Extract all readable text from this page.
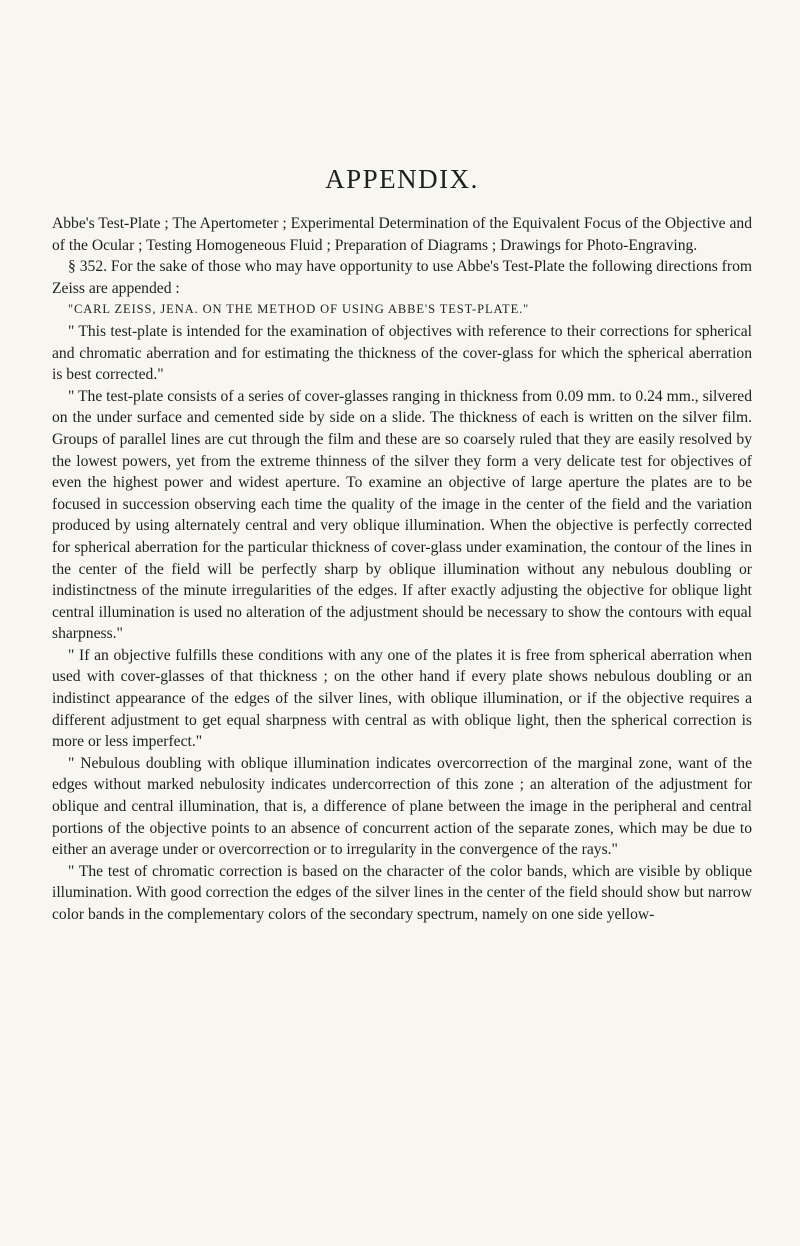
APPENDIX.

Abbe's Test-Plate ; The Apertometer ; Experimental Determination of the Equivalent Focus of the Objective and of the Ocular ; Testing Homogeneous Fluid ; Preparation of Diagrams ; Drawings for Photo-Engraving.

§ 352. For the sake of those who may have opportunity to use Abbe's Test-Plate the following directions from Zeiss are appended :

"CARL ZEISS, JENA. ON THE METHOD OF USING ABBE'S TEST-PLATE."

" This test-plate is intended for the examination of objectives with reference to their corrections for spherical and chromatic aberration and for estimating the thickness of the cover-glass for which the spherical aberration is best corrected."

" The test-plate consists of a series of cover-glasses ranging in thickness from 0.09 mm. to 0.24 mm., silvered on the under surface and cemented side by side on a slide. The thickness of each is written on the silver film. Groups of parallel lines are cut through the film and these are so coarsely ruled that they are easily resolved by the lowest powers, yet from the extreme thinness of the silver they form a very delicate test for objectives of even the highest power and widest aperture. To examine an objective of large aperture the plates are to be focused in succession observing each time the quality of the image in the center of the field and the variation produced by using alternately central and very oblique illumination. When the objective is perfectly corrected for spherical aberration for the particular thickness of cover-glass under examination, the contour of the lines in the center of the field will be perfectly sharp by oblique illumination without any nebulous doubling or indistinctness of the minute irregularities of the edges. If after exactly adjusting the objective for oblique light central illumination is used no alteration of the adjustment should be necessary to show the contours with equal sharpness."

" If an objective fulfills these conditions with any one of the plates it is free from spherical aberration when used with cover-glasses of that thickness ; on the other hand if every plate shows nebulous doubling or an indistinct appearance of the edges of the silver lines, with oblique illumination, or if the objective requires a different adjustment to get equal sharpness with central as with oblique light, then the spherical correction is more or less imperfect."

" Nebulous doubling with oblique illumination indicates overcorrection of the marginal zone, want of the edges without marked nebulosity indicates undercorrection of this zone ; an alteration of the adjustment for oblique and central illumination, that is, a difference of plane between the image in the peripheral and central portions of the objective points to an absence of concurrent action of the separate zones, which may be due to either an average under or overcorrection or to irregularity in the convergence of the rays."

" The test of chromatic correction is based on the character of the color bands, which are visible by oblique illumination. With good correction the edges of the silver lines in the center of the field should show but narrow color bands in the complementary colors of the secondary spectrum, namely on one side yellow-
